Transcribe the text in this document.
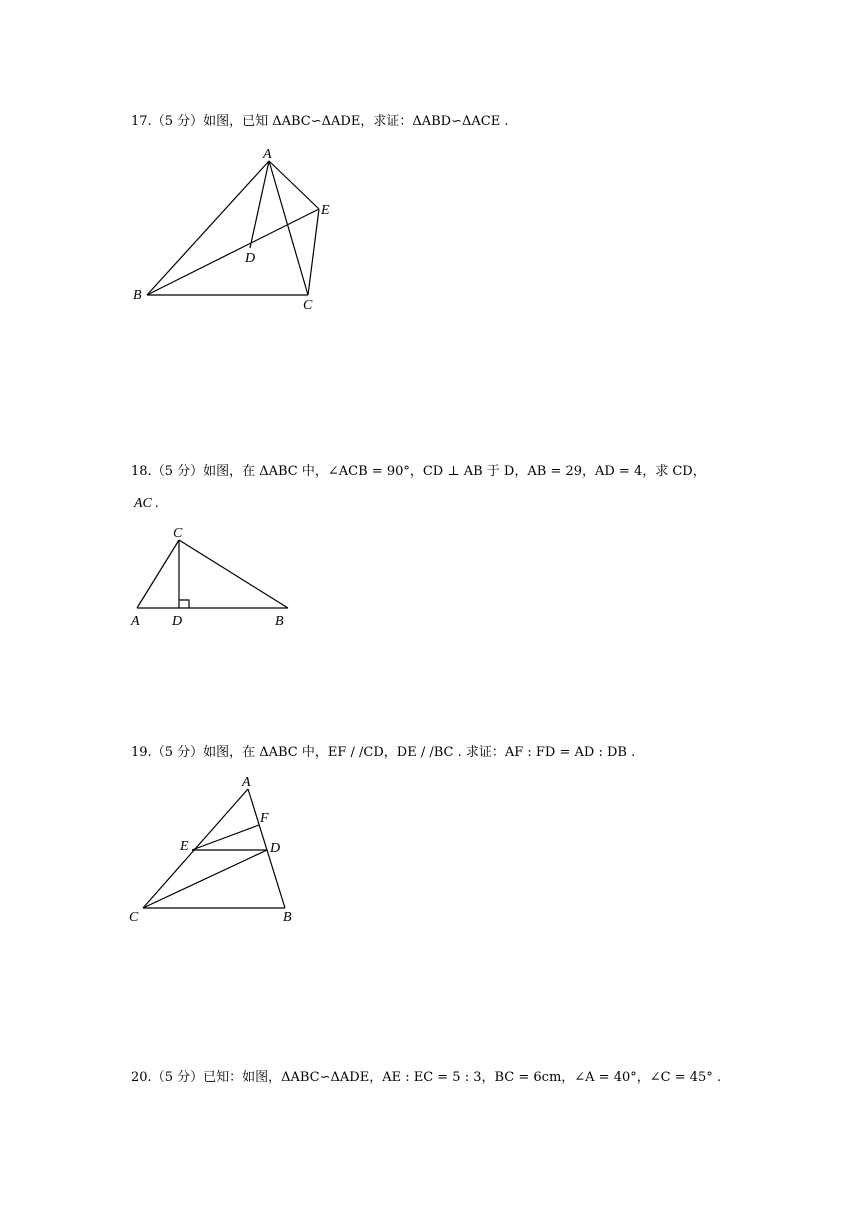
17.（5 分）如图，已知 ΔABC∽ΔADE，求证：ΔABD∽ΔACE .
A
B
C
D
E
18.（5 分）如图，在 ΔABC 中，∠ACB = 90°，CD ⊥ AB 于 D，AB = 29，AD = 4，求 CD，
AC .
C
A D	B
19.（5 分）如图，在 ΔABC 中，EF / /CD，DE / /BC . 求证：AF : FD = AD : DB .
A
F
E	D
C	B
20.（5 分）已知：如图，ΔABC∽ΔADE，AE : EC = 5 : 3，BC = 6cm，∠A = 40°，∠C = 45° .
